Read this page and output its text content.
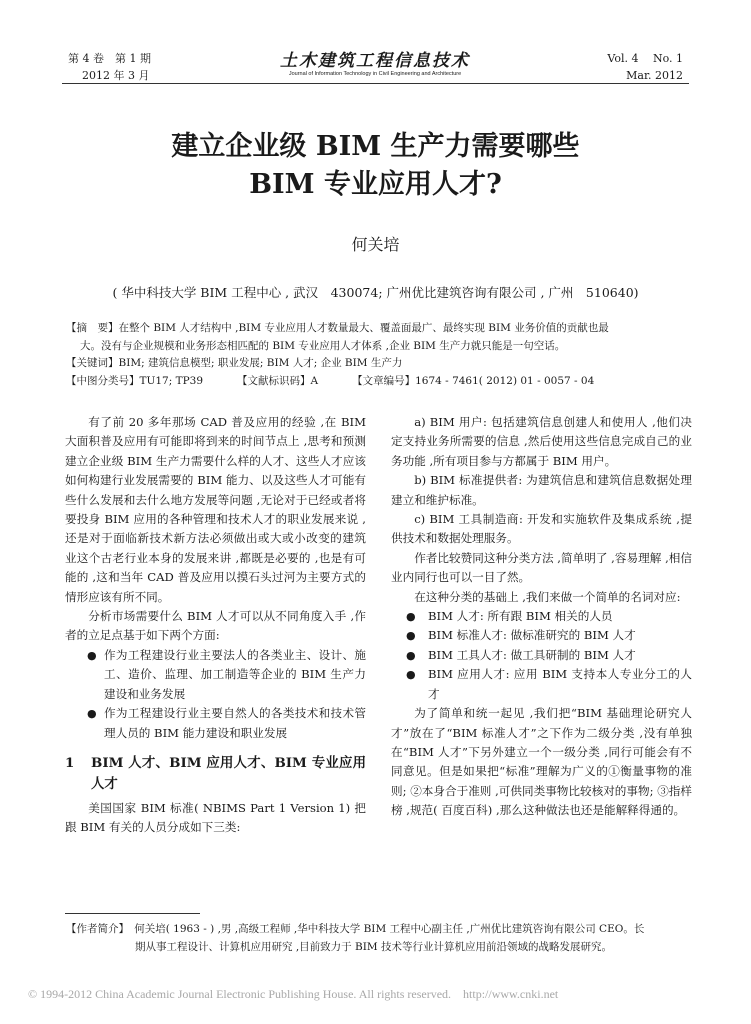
第 4 卷　第 1 期
2012 年 3 月
土木建筑工程信息技术
Journal of Information Technology in Civil Engineering and Architecture
Vol. 4　 No. 1
Mar. 2012
建立企业级 BIM 生产力需要哪些
BIM 专业应用人才?
何关培
( 华中科技大学 BIM 工程中心 , 武汉　430074; 广州优比建筑咨询有限公司 , 广州　510640)
【摘　要】在整个 BIM 人才结构中 ,BIM 专业应用人才数量最大、覆盖面最广、最终实现 BIM 业务价值的贡献也最
大。没有与企业规模和业务形态相匹配的 BIM 专业应用人才体系 ,企业 BIM 生产力就只能是一句空话。
【关键词】BIM; 建筑信息模型; 职业发展; BIM 人才; 企业 BIM 生产力
【中图分类号】TU17; TP39	【文献标识码】A	【文章编号】1674 - 7461( 2012) 01 - 0057 - 04

有了前 20 多年那场 CAD 普及应用的经验 ,在 BIM 大面积普及应用有可能即将到来的时间节点上 ,思考和预测建立企业级 BIM 生产力需要什么样的人才、这些人才应该如何构建行业发展需要的 BIM 能力、以及这些人才可能有些什么发展和去什么地方发展等问题 ,无论对于已经或者将要投身 BIM 应用的各种管理和技术人才的职业发展来说 ,还是对于面临新技术新方法必须做出或大或小改变的建筑业这个古老行业本身的发展来讲 ,都既是必要的 ,也是有可能的 ,这和当年 CAD 普及应用以摸石头过河为主要方式的情形应该有所不同。

分析市场需要什么 BIM 人才可以从不同角度入手 ,作者的立足点基于如下两个方面:

● 作为工程建设行业主要法人的各类业主、设计、施工、造价、监理、加工制造等企业的 BIM 生产力建设和业务发展
● 作为工程建设行业主要自然人的各类技术和技术管理人员的 BIM 能力建设和职业发展
1	BIM 人才、BIM 应用人才、BIM 专业应用人才

美国国家 BIM 标准( NBIMS Part 1 Version 1) 把跟 BIM 有关的人员分成如下三类:

a) BIM 用户: 包括建筑信息创建人和使用人 ,他们决定支持业务所需要的信息 ,然后使用这些信息完成自己的业务功能 ,所有项目参与方都属于 BIM 用户。

b) BIM 标准提供者: 为建筑信息和建筑信息数据处理建立和维护标准。

c) BIM 工具制造商: 开发和实施软件及集成系统 ,提供技术和数据处理服务。

作者比较赞同这种分类方法 ,简单明了 ,容易理解 ,相信业内同行也可以一目了然。

在这种分类的基础上 ,我们来做一个简单的名词对应:

● BIM 人才: 所有跟 BIM 相关的人员
● BIM 标准人才: 做标准研究的 BIM 人才
● BIM 工具人才: 做工具研制的 BIM 人才
● BIM 应用人才: 应用 BIM 支持本人专业分工的人才

为了简单和统一起见 ,我们把“BIM 基础理论研究人才”放在了“BIM 标准人才”之下作为二级分类 ,没有单独在“BIM 人才”下另外建立一个一级分类 ,同行可能会有不同意见。但是如果把“标准”理解为广义的①衡量事物的准则; ②本身合于准则 ,可供同类事物比较核对的事物; ③指样榜 ,规范( 百度百科) ,那么这种做法也还是能解释得通的。

【作者简介】　何关培( 1963 - ) ,男 ,高级工程师 ,华中科技大学 BIM 工程中心副主任 ,广州优比建筑咨询有限公司 CEO。长
期从事工程设计、计算机应用研究 ,目前致力于 BIM 技术等行业计算机应用前沿领域的战略发展研究。
© 1994-2012 China Academic Journal Electronic Publishing House. All rights reserved.　http://www.cnki.net
